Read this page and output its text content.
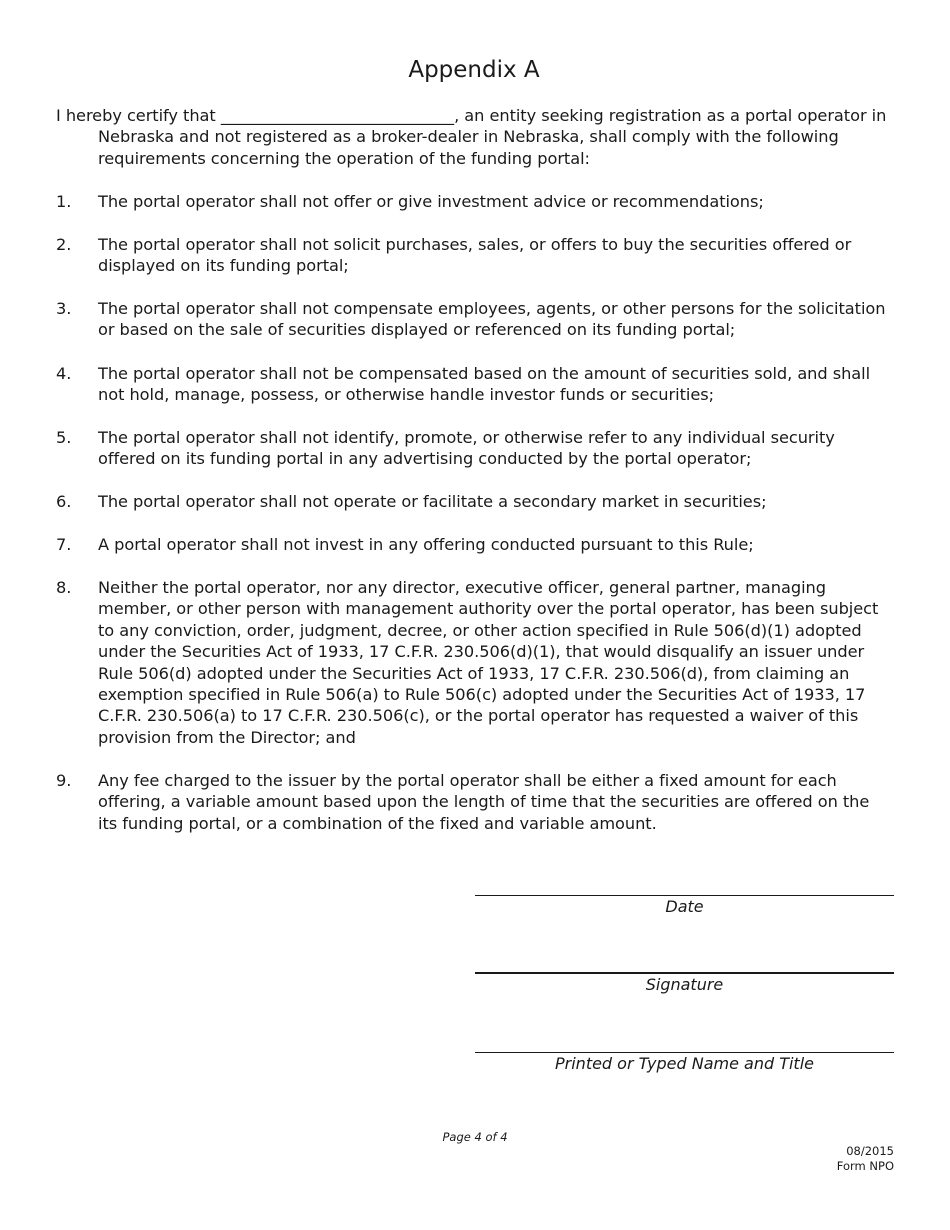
Appendix A

I hereby certify that _____________________________, an entity seeking registration as a portal operator in Nebraska and not registered as a broker-dealer in Nebraska, shall comply with the following requirements concerning the operation of the funding portal:

1.	The portal operator shall not offer or give investment advice or recommendations;
2.	The portal operator shall not solicit purchases, sales, or offers to buy the securities offered or displayed on its funding portal;
3.	The portal operator shall not compensate employees, agents, or other persons for the solicitation or based on the sale of securities displayed or referenced on its funding portal;
4.	The portal operator shall not be compensated based on the amount of securities sold, and shall not hold, manage, possess, or otherwise handle investor funds or securities;
5.	The portal operator shall not identify, promote, or otherwise refer to any individual security offered on its funding portal in any advertising conducted by the portal operator;
6.	The portal operator shall not operate or facilitate a secondary market in securities;
7.	A portal operator shall not invest in any offering conducted pursuant to this Rule;
8.	Neither the portal operator, nor any director, executive officer, general partner, managing member, or other person with management authority over the portal operator, has been subject to any conviction, order, judgment, decree, or other action specified in Rule 506(d)(1) adopted under the Securities Act of 1933, 17 C.F.R. 230.506(d)(1), that would disqualify an issuer under Rule 506(d) adopted under the Securities Act of 1933, 17 C.F.R. 230.506(d), from claiming an exemption specified in Rule 506(a) to Rule 506(c) adopted under the Securities Act of 1933, 17 C.F.R. 230.506(a) to 17 C.F.R. 230.506(c), or the portal operator has requested a waiver of this provision from the Director; and
9.	Any fee charged to the issuer by the portal operator shall be either a fixed amount for each offering, a variable amount based upon the length of time that the securities are offered on the its funding portal, or a combination of the fixed and variable amount.
Date
Signature
Printed or Typed Name and Title
Page 4 of 4
08/2015
Form NPO
